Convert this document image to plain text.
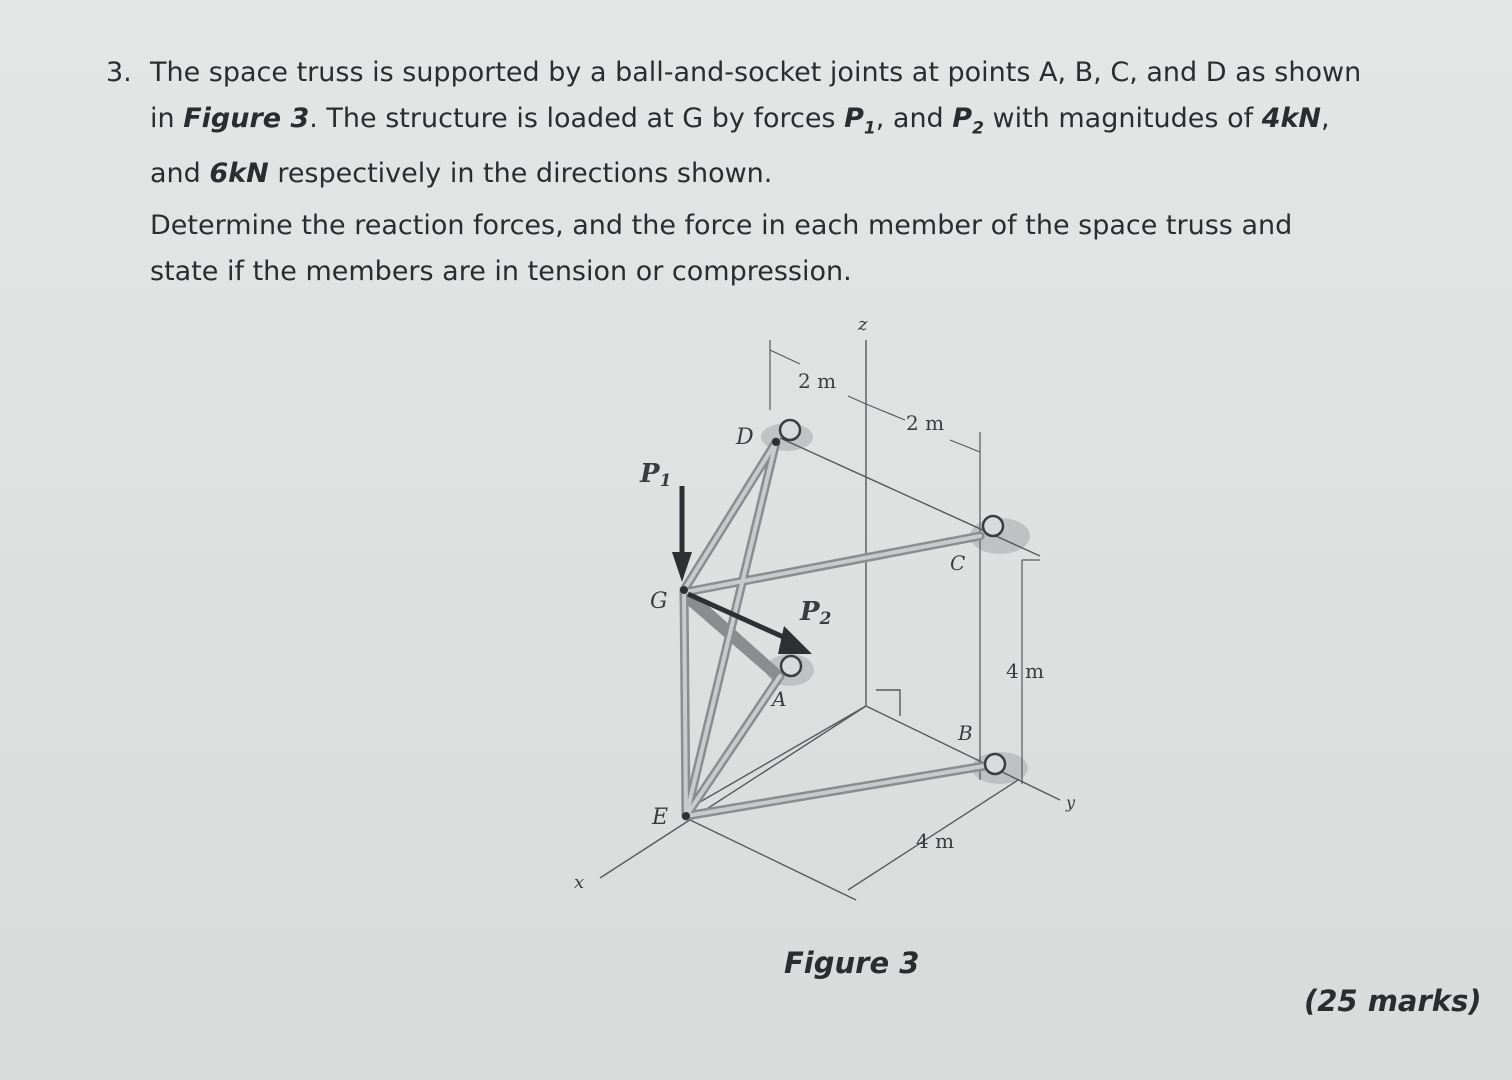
3. The space truss is supported by a ball-and-socket joints at points A, B, C, and D as shown
in Figure 3. The structure is loaded at G by forces $P_1$, and $P_2$ with magnitudes of 4kN,
and 6kN respectively in the directions shown.
Determine the reaction forces, and the force in each member of the space truss and
state if the members are in tension or compression.
z
x
y
D
C
B
A
G
E
P1
P2
2 m
2 m
4 m
4 m
Figure 3
(25 marks)
